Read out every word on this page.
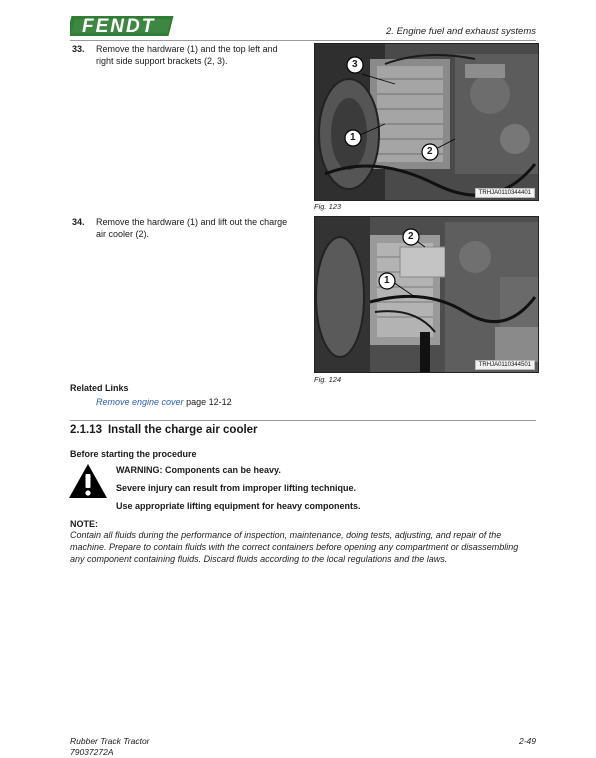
FENDT	2. Engine fuel and exhaust systems
33. Remove the hardware (1) and the top left and right side support brackets (2, 3).	3
1
2
TRHJA0110344401
Fig. 123
34. Remove the hardware (1) and lift out the charge air cooler (2).	2
1
TRHJA0110344501
Fig. 124
Related Links
Remove engine cover page 12-12
2.1.13 Install the charge air cooler
Before starting the procedure
WARNING: Components can be heavy.
Severe injury can result from improper lifting technique.
Use appropriate lifting equipment for heavy components.
NOTE:
Contain all fluids during the performance of inspection, maintenance, doing tests, adjusting, and repair of the machine. Prepare to contain fluids with the correct containers before opening any compartment or disassembling any component containing fluids. Discard fluids according to the local regulations and the laws.
Rubber Track Tractor
79037272A
2-49
